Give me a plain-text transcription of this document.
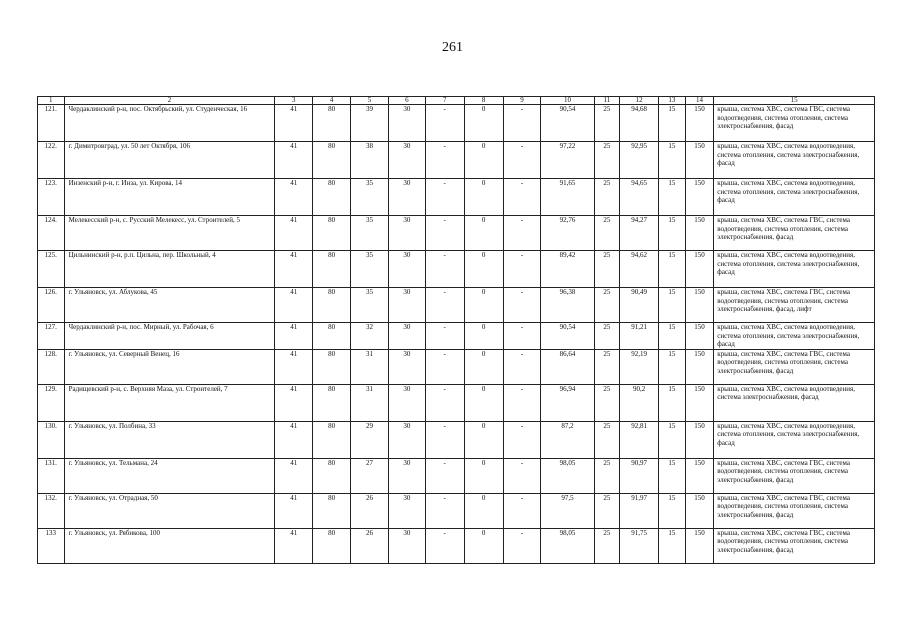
261
1	2	3	4	5	6	7	8	9	10	11	12	13	14	15
121.	Чердаклинский р-н, пос. Октябрьский, ул. Студенческая, 16	41	80	39	30	-	0	-	90,54	25	94,68	15	150	крыша, система ХВС, система ГВС, система водоотведения, система отопления, система электроснабжения, фасад
122.	г. Димитровград, ул. 50 лет Октября, 106	41	80	38	30	-	0	-	97,22	25	92,95	15	150	крыша, система ХВС, система водоотведения, система отопления, система электроснабжения, фасад
123.	Инзенский р-н, г. Инза, ул. Кирова, 14	41	80	35	30	-	0	-	91,65	25	94,65	15	150	крыша, система ХВС, система водоотведения, система отопления, система электроснабжения, фасад
124.	Мелекесский р-н, с. Русский Мелекесс, ул. Строителей, 5	41	80	35	30	-	0	-	92,76	25	94,27	15	150	крыша, система ХВС, система ГВС, система водоотведения, система отопления, система электроснабжения, фасад
125.	Цильнинский р-н, р.п. Цильна, пер. Школьный, 4	41	80	35	30	-	0	-	89,42	25	94,62	15	150	крыша, система ХВС, система водоотведения, система отопления, система электроснабжения, фасад
126.	г. Ульяновск, ул. Аблукова, 45	41	80	35	30	-	0	-	96,38	25	90,49	15	150	крыша, система ХВС, система ГВС, система водоотведения, система отопления, система электроснабжения, фасад, лифт
127.	Чердаклинский р-н, пос. Мирный, ул. Рабочая, 6	41	80	32	30	-	0	-	90,54	25	91,21	15	150	крыша, система ХВС, система водоотведения, система отопления, система электроснабжения, фасад
128.	г. Ульяновск, ул. Северный Венец, 16	41	80	31	30	-	0	-	86,64	25	92,19	15	150	крыша, система ХВС, система ГВС, система водоотведения, система отопления, система электроснабжения, фасад
129.	Радищевский р-н, с. Верхняя Мазa, ул. Строителей, 7	41	80	31	30	-	0	-	96,94	25	90,2	15	150	крыша, система ХВС, система водоотведения, система электроснабжения, фасад
130.	г. Ульяновск, ул. Полбина, 33	41	80	29	30	-	0	-	87,2	25	92,81	15	150	крыша, система ХВС, система водоотведения, система отопления, система электроснабжения, фасад
131.	г. Ульяновск, ул. Тельмана, 24	41	80	27	30	-	0	-	98,05	25	90,97	15	150	крыша, система ХВС, система ГВС, система водоотведения, система отопления, система электроснабжения, фасад
132.	г. Ульяновск, ул. Отрадная, 50	41	80	26	30	-	0	-	97,5	25	91,97	15	150	крыша, система ХВС, система ГВС, система водоотведения, система отопления, система электроснабжения, фасад
133	г. Ульяновск, ул. Рябикова, 100	41	80	26	30	-	0	-	98,05	25	91,75	15	150	крыша, система ХВС, система ГВС, система водоотведения, система отопления, система электроснабжения, фасад
